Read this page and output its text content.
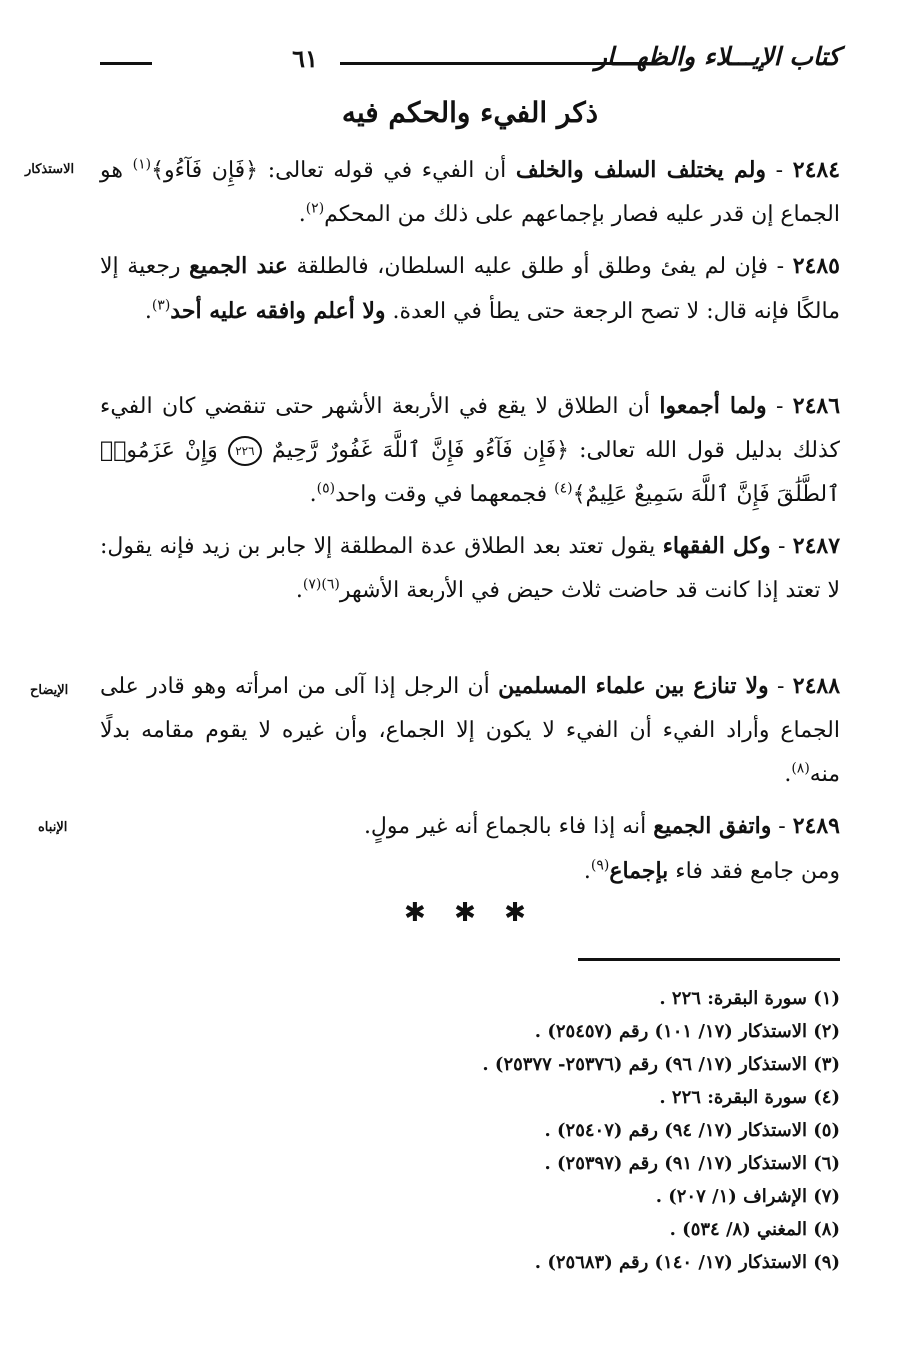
كتاب الإيـــلاء والظهـــار
٦١
ذكر الفيء والحكم فيه
الاستذكار
الإيضاح
الإنباه
٢٤٨٤ - ولم يختلف السلف والخلف أن الفيء في قوله تعالى: ﴿فَإِن فَآءُو﴾$^{(١)}$ هو الجماع إن قدر عليه فصار بإجماعهم على ذلك من المحكم$^{(٢)}$.
٢٤٨٥ - فإن لم يفئ وطلق أو طلق عليه السلطان، فالطلقة عند الجميع رجعية إلا مالكًا فإنه قال: لا تصح الرجعة حتى يطأ في العدة. ولا أعلم وافقه عليه أحد$^{(٣)}$.
٢٤٨٦ - ولما أجمعوا أن الطلاق لا يقع في الأربعة الأشهر حتى تنقضي كان الفيء كذلك بدليل قول الله تعالى: ﴿فَإِن فَآءُو فَإِنَّ ٱللَّهَ غَفُورٌ رَّحِيمٌ ٢٢٦ وَإِنْ عَزَمُوا۟ ٱلطَّلَٰقَ فَإِنَّ ٱللَّهَ سَمِيعٌ عَلِيمٌ﴾$^{(٤)}$ فجمعهما في وقت واحد$^{(٥)}$.
٢٤٨٧ - وكل الفقهاء يقول تعتد بعد الطلاق عدة المطلقة إلا جابر بن زيد فإنه يقول: لا تعتد إذا كانت قد حاضت ثلاث حيض في الأربعة الأشهر$^{(٦)(٧)}$.
٢٤٨٨ - ولا تنازع بين علماء المسلمين أن الرجل إذا آلى من امرأته وهو قادر على الجماع وأراد الفيء أن الفيء لا يكون إلا الجماع، وأن غيره لا يقوم مقامه بدلًا منه$^{(٨)}$.
٢٤٨٩ - واتفق الجميع أنه إذا فاء بالجماع أنه غير مولٍ.
ومن جامع فقد فاء بإجماع$^{(٩)}$.
✱ ✱ ✱
(١) سورة البقرة: ٢٢٦ .
(٢) الاستذكار (١٧/ ١٠١) رقم (٢٥٤٥٧) .
(٣) الاستذكار (١٧/ ٩٦) رقم (٢٥٣٧٦- ٢٥٣٧٧) .
(٤) سورة البقرة: ٢٢٦ .
(٥) الاستذكار (١٧/ ٩٤) رقم (٢٥٤٠٧) .
(٦) الاستذكار (١٧/ ٩١) رقم (٢٥٣٩٧) .
(٧) الإشراف (١/ ٢٠٧) .
(٨) المغني (٨/ ٥٣٤) .
(٩) الاستذكار (١٧/ ١٤٠) رقم (٢٥٦٨٣) .
